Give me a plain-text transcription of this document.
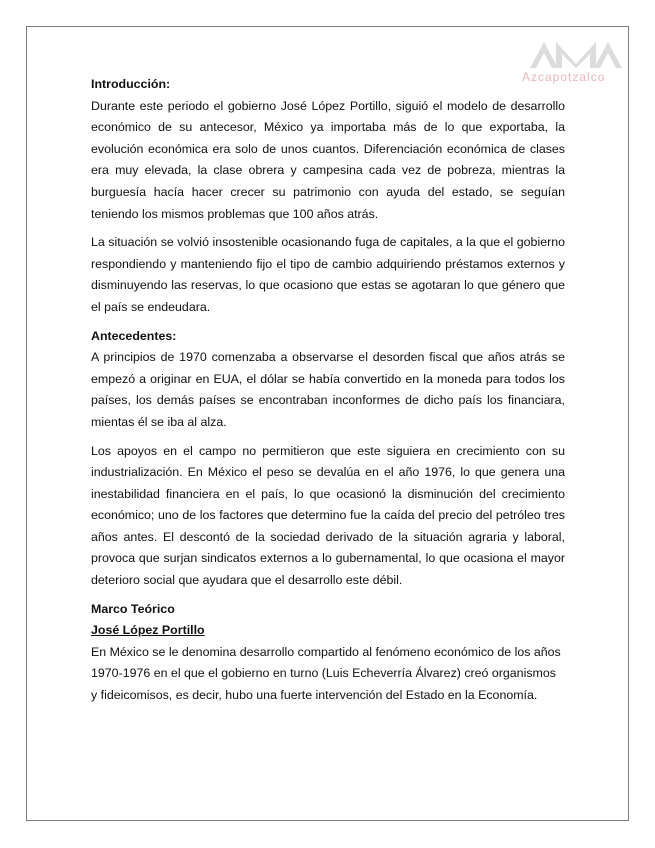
Azcapotzalco

Introducción:

Durante este periodo el gobierno José López Portillo, siguió el modelo de desarrollo económico de su antecesor, México ya importaba más de lo que exportaba, la evolución económica era solo de unos cuantos. Diferenciación económica de clases era muy elevada, la clase obrera y campesina cada vez de pobreza, mientras la burguesía hacía hacer crecer su patrimonio con ayuda del estado, se seguían teniendo los mismos problemas que 100 años atrás.

La situación se volvió insostenible ocasionando fuga de capitales, a la que el gobierno respondiendo y manteniendo fijo el tipo de cambio adquiriendo préstamos externos y disminuyendo las reservas, lo que ocasiono que estas se agotaran lo que género que el país se endeudara.

Antecedentes:

A principios de 1970 comenzaba a observarse el desorden fiscal que años atrás se empezó a originar en EUA, el dólar se había convertido en la moneda para todos los países, los demás países se encontraban inconformes de dicho país los financiara, mientas él se iba al alza.

Los apoyos en el campo no permitieron que este siguiera en crecimiento con su industrialización. En México el peso se devalúa en el año 1976, lo que genera una inestabilidad financiera en el país, lo que ocasionó la disminución del crecimiento económico; uno de los factores que determino fue la caída del precio del petróleo tres años antes. El descontó de la sociedad derivado de la situación agraria y laboral, provoca que surjan sindicatos externos a lo gubernamental, lo que ocasiona el mayor deterioro social que ayudara que el desarrollo este débil.

Marco Teórico

José López Portillo

En México se le denomina desarrollo compartido al fenómeno económico de los años 1970-1976 en el que el gobierno en turno (Luis Echeverría Álvarez) creó organismos y fideicomisos, es decir, hubo una fuerte intervención del Estado en la Economía.
